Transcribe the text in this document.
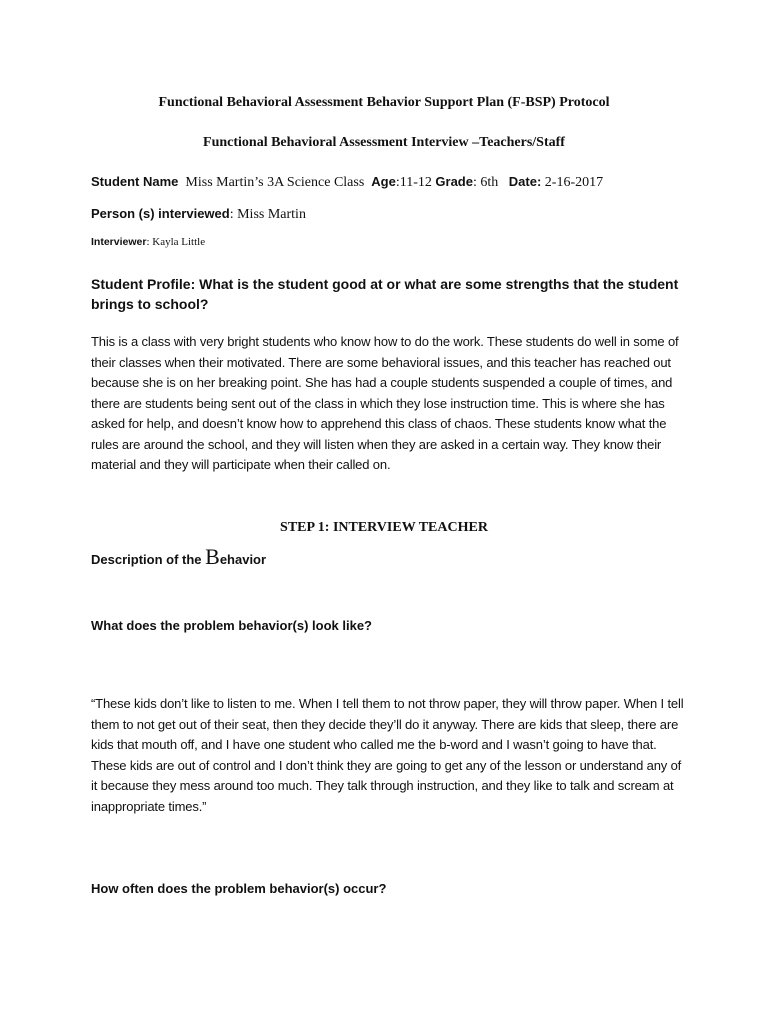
Functional Behavioral Assessment Behavior Support Plan (F-BSP) Protocol

Functional Behavioral Assessment Interview –Teachers/Staff

Student Name Miss Martin’s 3A Science Class Age:11-12 Grade: 6th Date: 2-16-2017

Person (s) interviewed: Miss Martin

Interviewer: Kayla Little

Student Profile: What is the student good at or what are some strengths that the student brings to school?

This is a class with very bright students who know how to do the work. These students do well in some of their classes when their motivated. There are some behavioral issues, and this teacher has reached out because she is on her breaking point. She has had a couple students suspended a couple of times, and there are students being sent out of the class in which they lose instruction time. This is where she has asked for help, and doesn’t know how to apprehend this class of chaos. These students know what the rules are around the school, and they will listen when they are asked in a certain way. They know their material and they will participate when their called on.

STEP 1: INTERVIEW TEACHER

Description of the Behavior

What does the problem behavior(s) look like?

“These kids don’t like to listen to me. When I tell them to not throw paper, they will throw paper. When I tell them to not get out of their seat, then they decide they’ll do it anyway. There are kids that sleep, there are kids that mouth off, and I have one student who called me the b-word and I wasn’t going to have that. These kids are out of control and I don’t think they are going to get any of the lesson or understand any of it because they mess around too much. They talk through instruction, and they like to talk and scream at inappropriate times.”

How often does the problem behavior(s) occur?
